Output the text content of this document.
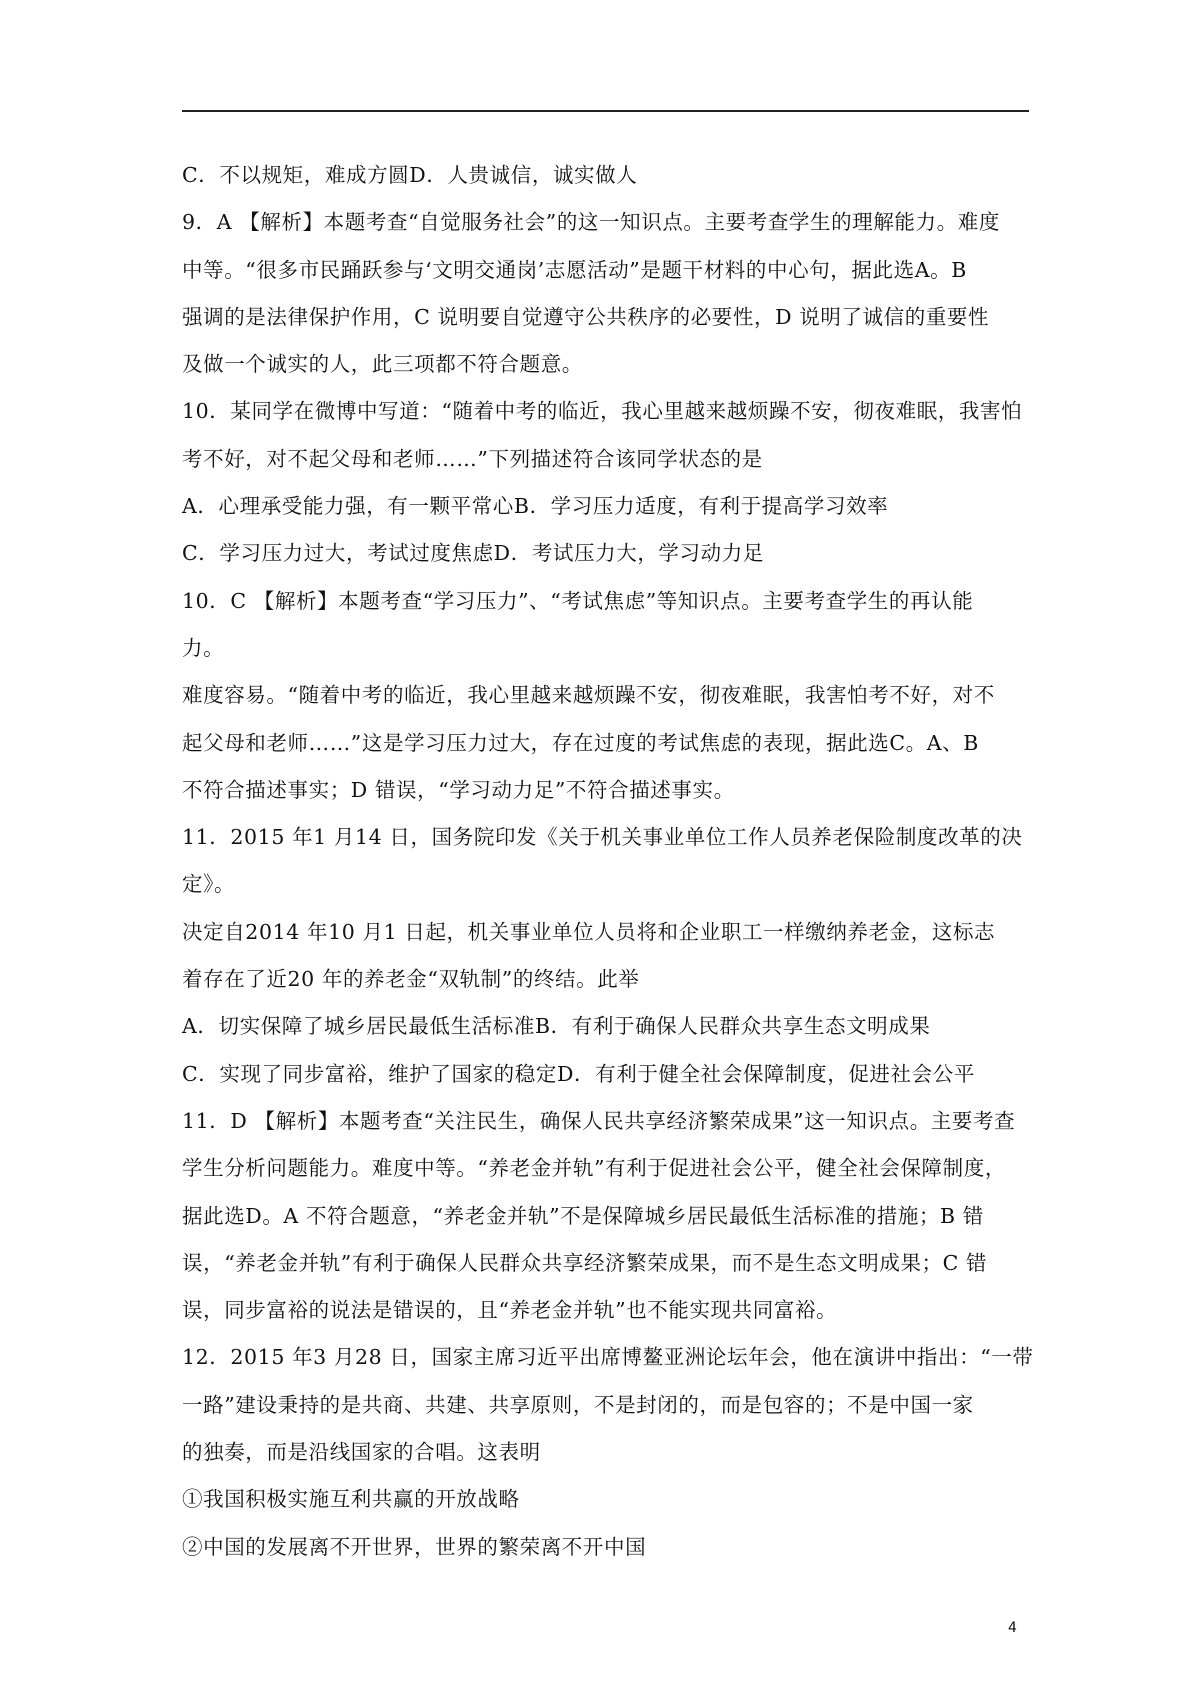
C．不以规矩，难成方圆D．人贵诚信，诚实做人
9．A 【解析】本题考查“自觉服务社会”的这一知识点。主要考查学生的理解能力。难度
中等。“很多市民踊跃参与‘文明交通岗’志愿活动”是题干材料的中心句，据此选A。B
强调的是法律保护作用，C 说明要自觉遵守公共秩序的必要性，D 说明了诚信的重要性
及做一个诚实的人，此三项都不符合题意。
10．某同学在微博中写道：“随着中考的临近，我心里越来越烦躁不安，彻夜难眠，我害怕
考不好，对不起父母和老师……”下列描述符合该同学状态的是
A．心理承受能力强，有一颗平常心B．学习压力适度，有利于提高学习效率
C．学习压力过大，考试过度焦虑D．考试压力大，学习动力足
10．C 【解析】本题考查“学习压力”、“考试焦虑”等知识点。主要考查学生的再认能
力。
难度容易。“随着中考的临近，我心里越来越烦躁不安，彻夜难眠，我害怕考不好，对不
起父母和老师……”这是学习压力过大，存在过度的考试焦虑的表现，据此选C。A、B
不符合描述事实；D 错误，“学习动力足”不符合描述事实。
11．2015 年1 月14 日，国务院印发《关于机关事业单位工作人员养老保险制度改革的决
定》。
决定自2014 年10 月1 日起，机关事业单位人员将和企业职工一样缴纳养老金，这标志
着存在了近20 年的养老金“双轨制”的终结。此举
A．切实保障了城乡居民最低生活标准B．有利于确保人民群众共享生态文明成果
C．实现了同步富裕，维护了国家的稳定D．有利于健全社会保障制度，促进社会公平
11．D 【解析】本题考查“关注民生，确保人民共享经济繁荣成果”这一知识点。主要考查
学生分析问题能力。难度中等。“养老金并轨”有利于促进社会公平，健全社会保障制度，
据此选D。A 不符合题意，“养老金并轨”不是保障城乡居民最低生活标准的措施；B 错
误，“养老金并轨”有利于确保人民群众共享经济繁荣成果，而不是生态文明成果；C 错
误，同步富裕的说法是错误的，且“养老金并轨”也不能实现共同富裕。
12．2015 年3 月28 日，国家主席习近平出席博鳌亚洲论坛年会，他在演讲中指出：“一带
一路”建设秉持的是共商、共建、共享原则，不是封闭的，而是包容的；不是中国一家
的独奏，而是沿线国家的合唱。这表明
①我国积极实施互利共赢的开放战略
②中国的发展离不开世界，世界的繁荣离不开中国
4
